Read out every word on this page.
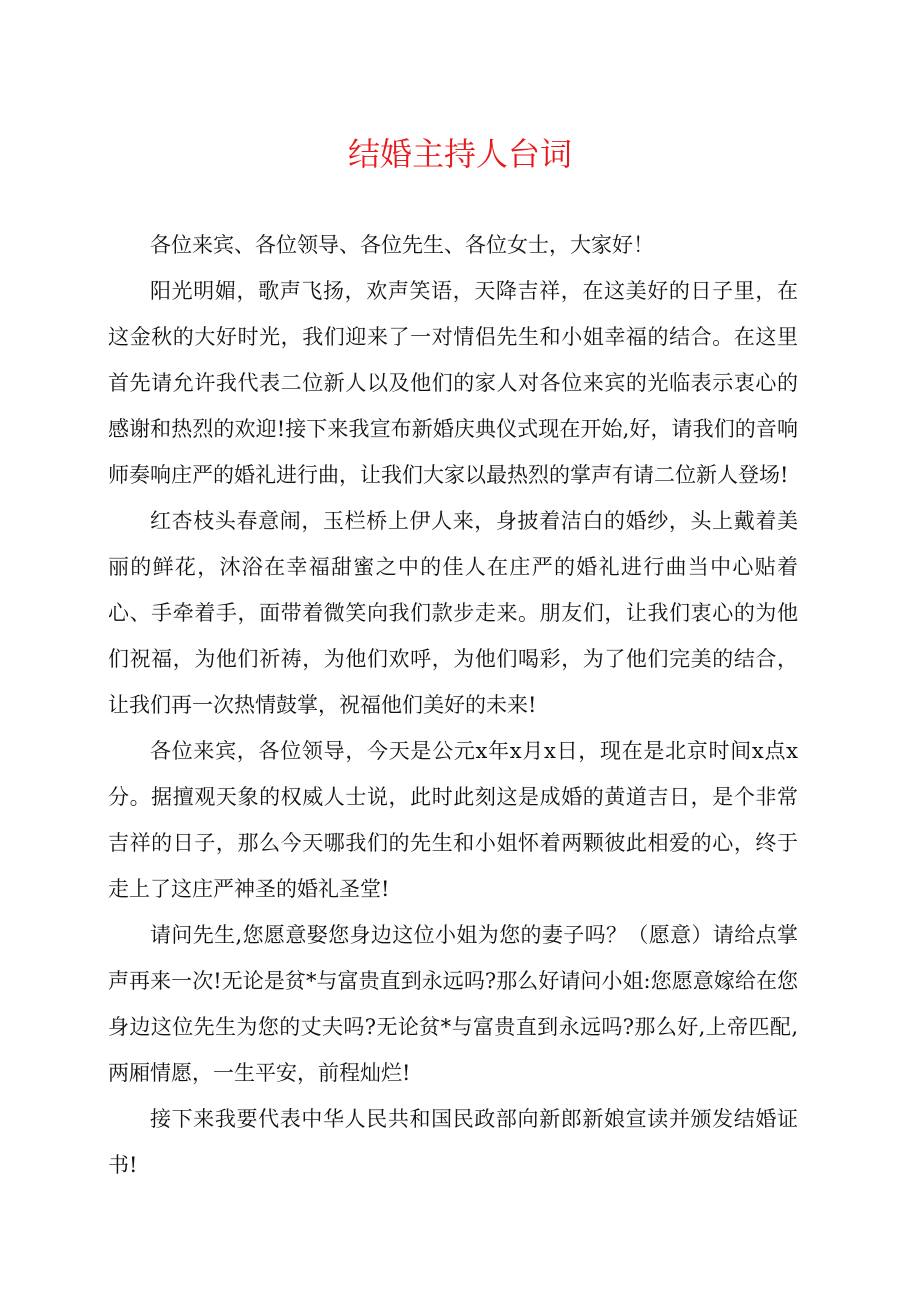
结婚主持人台词

各位来宾、各位领导、各位先生、各位女士，大家好！

阳光明媚，歌声飞扬，欢声笑语，天降吉祥，在这美好的日子里，在这金秋的大好时光，我们迎来了一对情侣先生和小姐幸福的结合。在这里首先请允许我代表二位新人以及他们的家人对各位来宾的光临表示衷心的感谢和热烈的欢迎!接下来我宣布新婚庆典仪式现在开始,好，请我们的音响师奏响庄严的婚礼进行曲，让我们大家以最热烈的掌声有请二位新人登场!

红杏枝头春意闹，玉栏桥上伊人来，身披着洁白的婚纱，头上戴着美丽的鲜花，沐浴在幸福甜蜜之中的佳人在庄严的婚礼进行曲当中心贴着心、手牵着手，面带着微笑向我们款步走来。朋友们，让我们衷心的为他们祝福，为他们祈祷，为他们欢呼，为他们喝彩，为了他们完美的结合，让我们再一次热情鼓掌，祝福他们美好的未来!

各位来宾，各位领导，今天是公元x年x月x日，现在是北京时间x点x分。据擅观天象的权威人士说，此时此刻这是成婚的黄道吉日，是个非常吉祥的日子，那么今天哪我们的先生和小姐怀着两颗彼此相爱的心，终于走上了这庄严神圣的婚礼圣堂!

请问先生,您愿意娶您身边这位小姐为您的妻子吗？（愿意）请给点掌声再来一次!无论是贫*与富贵直到永远吗?那么好请问小姐:您愿意嫁给在您身边这位先生为您的丈夫吗?无论贫*与富贵直到永远吗?那么好,上帝匹配,两厢情愿，一生平安，前程灿烂!

接下来我要代表中华人民共和国民政部向新郎新娘宣读并颁发结婚证书!
